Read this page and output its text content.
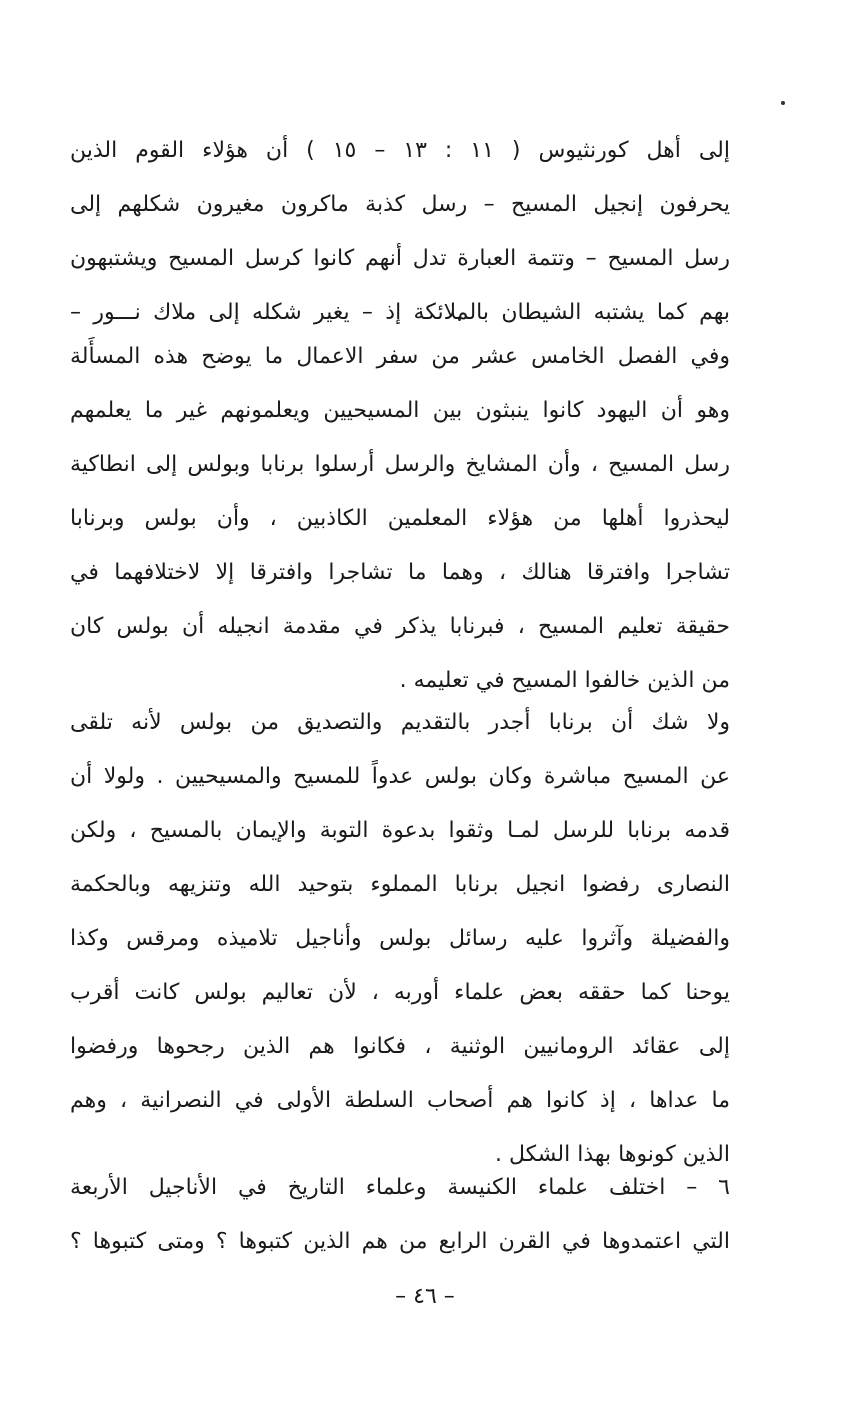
إلى أهل كورنثيوس ( ١١ : ١٣ – ١٥ ) أن هؤلاء القوم الذين
يحرفون إنجيل المسيح – رسل كذبة ماكرون مغيرون شكلهم إلى
رسل المسيح – وتتمة العبارة تدل أنهم كانوا كرسل المسيح ويشتبهون
بهم كما يشتبه الشيطان بالملائكة إذ – يغير شكله إلى ملاك نـــور –
وفي الفصل الخامس عشر من سفر الاعمال ما يوضح هذه المسأَلة
وهو أن اليهود كانوا ينبثون بين المسيحيين ويعلمونهم غير ما يعلمهم
رسل المسيح ، وأن المشايخ والرسل أرسلوا برنابا وبولس إلى انطاكية
ليحذروا أهلها من هؤلاء المعلمين الكاذبين ، وأن بولس وبرنابا
تشاجرا وافترقا هنالك ، وهما ما تشاجرا وافترقا إلا لاختلافهما في
حقيقة تعليم المسيح ، فبرنابا يذكر في مقدمة انجيله أن بولس كان
من الذين خالفوا المسيح في تعليمه .
ولا شك أن برنابا أجدر بالتقديم والتصديق من بولس لأنه تلقى
عن المسيح مباشرة وكان بولس عدواً للمسيح والمسيحيين . ولولا أن
قدمه برنابا للرسل لمـا وثقوا بدعوة التوبة والإيمان بالمسيح ، ولكن
النصارى رفضوا انجيل برنابا المملوء بتوحيد الله وتنزيهه وبالحكمة
والفضيلة وآثروا عليه رسائل بولس وأناجيل تلاميذه ومرقس وكذا
يوحنا كما حققه بعض علماء أوربه ، لأن تعاليم بولس كانت أقرب
إلى عقائد الرومانيين الوثنية ، فكانوا هم الذين رجحوها ورفضوا
ما عداها ، إذ كانوا هم أصحاب السلطة الأولى في النصرانية ، وهم
الذين كونوها بهذا الشكل .
٦ – اختلف علماء الكنيسة وعلماء التاريخ في الأناجيل الأربعة
التي اعتمدوها في القرن الرابع من هم الذين كتبوها ؟ ومتى كتبوها ؟
– ٤٦ –
